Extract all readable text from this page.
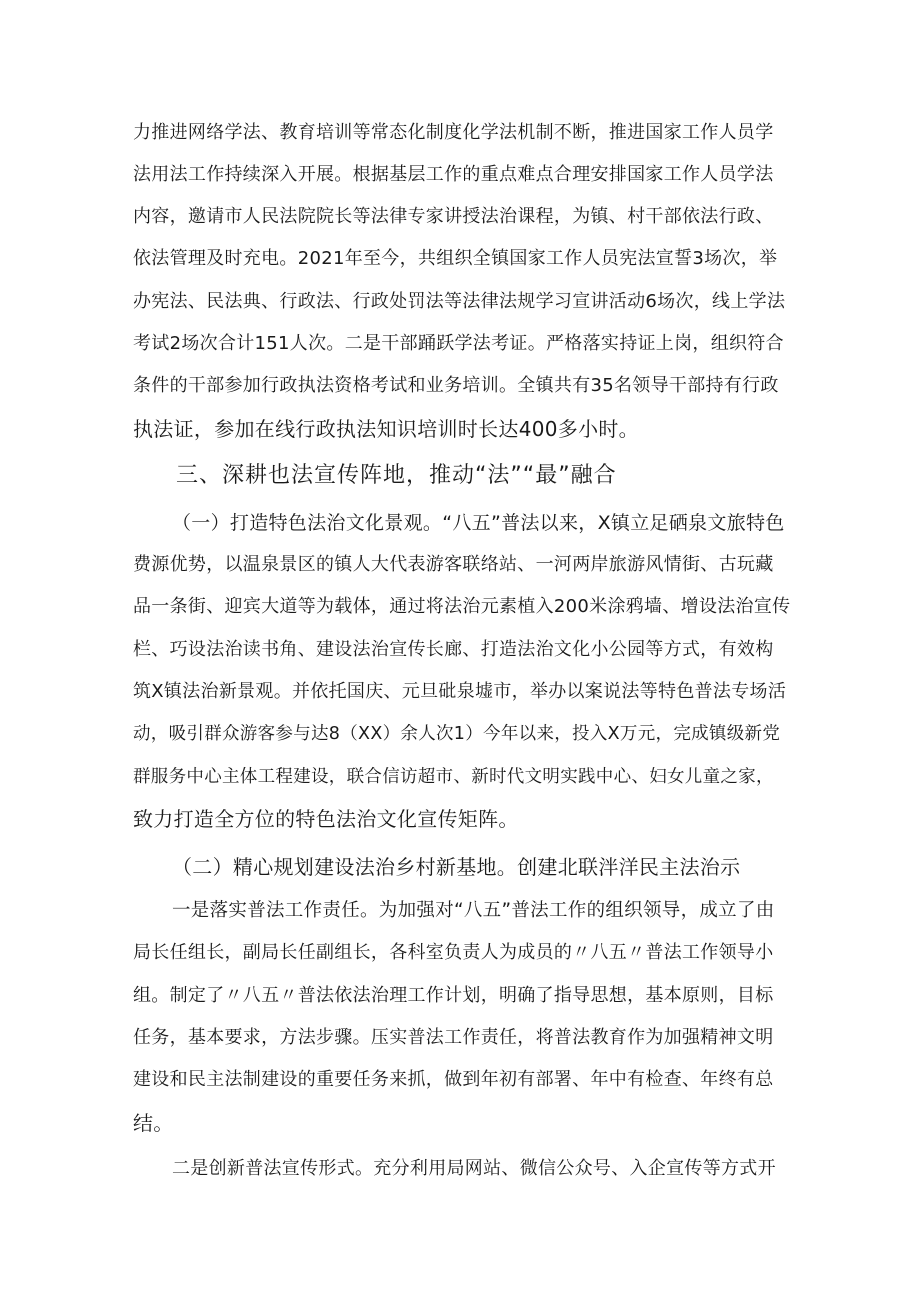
力推进网络学法、教育培训等常态化制度化学法机制不断，推进国家工作人员学
法用法工作持续深入开展。根据基层工作的重点难点合理安排国家工作人员学法
内容，邀请市人民法院院长等法律专家讲授法治课程，为镇、村干部依法行政、
依法管理及时充电。2021年至今，共组织全镇国家工作人员宪法宣誓3场次，举
办宪法、民法典、行政法、行政处罚法等法律法规学习宣讲活动6场次，线上学法
考试2场次合计151人次。二是干部踊跃学法考证。严格落实持证上岗，组织符合
条件的干部参加行政执法资格考试和业务培训。全镇共有35名领导干部持有行政
执法证，参加在线行政执法知识培训时长达400多小时。
三、深耕也法宣传阵地，推动“法”“最”融合
（一）打造特色法治文化景观。“八五”普法以来，X镇立足硒泉文旅特色
费源优势，以温泉景区的镇人大代表游客联络站、一河两岸旅游风情街、古玩藏
品一条街、迎宾大道等为载体，通过将法治元素植入200米涂鸦墙、增设法治宣传
栏、巧设法治读书角、建设法治宣传长廊、打造法治文化小公园等方式，有效构
筑X镇法治新景观。并依托国庆、元旦砒泉墟市，举办以案说法等特色普法专场活
动，吸引群众游客参与达8（XX）余人次1）今年以来，投入X万元，完成镇级新党
群服务中心主体工程建设，联合信访超市、新时代文明实践中心、妇女儿童之家，
致力打造全方位的特色法治文化宣传矩阵。
（二）精心规划建设法治乡村新基地。创建北联泮洋民主法治示
一是落实普法工作责任。为加强对“八五”普法工作的组织领导，成立了由
局长任组长，副局长任副组长，各科室负责人为成员的〃八五〃普法工作领导小
组。制定了〃八五〃普法依法治理工作计划，明确了指导思想，基本原则，目标
任务，基本要求，方法步骤。压实普法工作责任，将普法教育作为加强精神文明
建设和民主法制建设的重要任务来抓，做到年初有部署、年中有检查、年终有总
结。
二是创新普法宣传形式。充分利用局网站、微信公众号、入企宣传等方式开
